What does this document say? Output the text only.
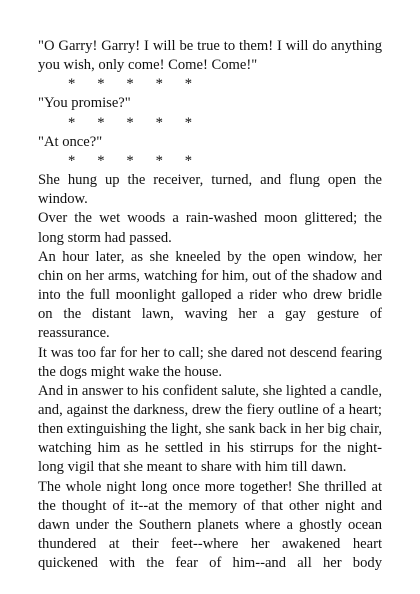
"O Garry! Garry! I will be true to them! I will do anything you wish, only come! Come! Come!"

*      *      *      *      *

"You promise?"

*      *      *      *      *

"At once?"

*      *      *      *      *

She hung up the receiver, turned, and flung open the window.

Over the wet woods a rain-washed moon glittered; the long storm had passed.

An hour later, as she kneeled by the open window, her chin on her arms, watching for him, out of the shadow and into the full moonlight galloped a rider who drew bridle on the distant lawn, waving her a gay gesture of reassurance.

It was too far for her to call; she dared not descend fearing the dogs might wake the house.

And in answer to his confident salute, she lighted a candle, and, against the darkness, drew the fiery outline of a heart; then extinguishing the light, she sank back in her big chair, watching him as he settled in his stirrups for the night-long vigil that she meant to share with him till dawn.

The whole night long once more together! She thrilled at the thought of it--at the memory of that other night and dawn under the Southern planets where a ghostly ocean thundered at their feet--where her awakened heart quickened with the fear of him--and all her body
